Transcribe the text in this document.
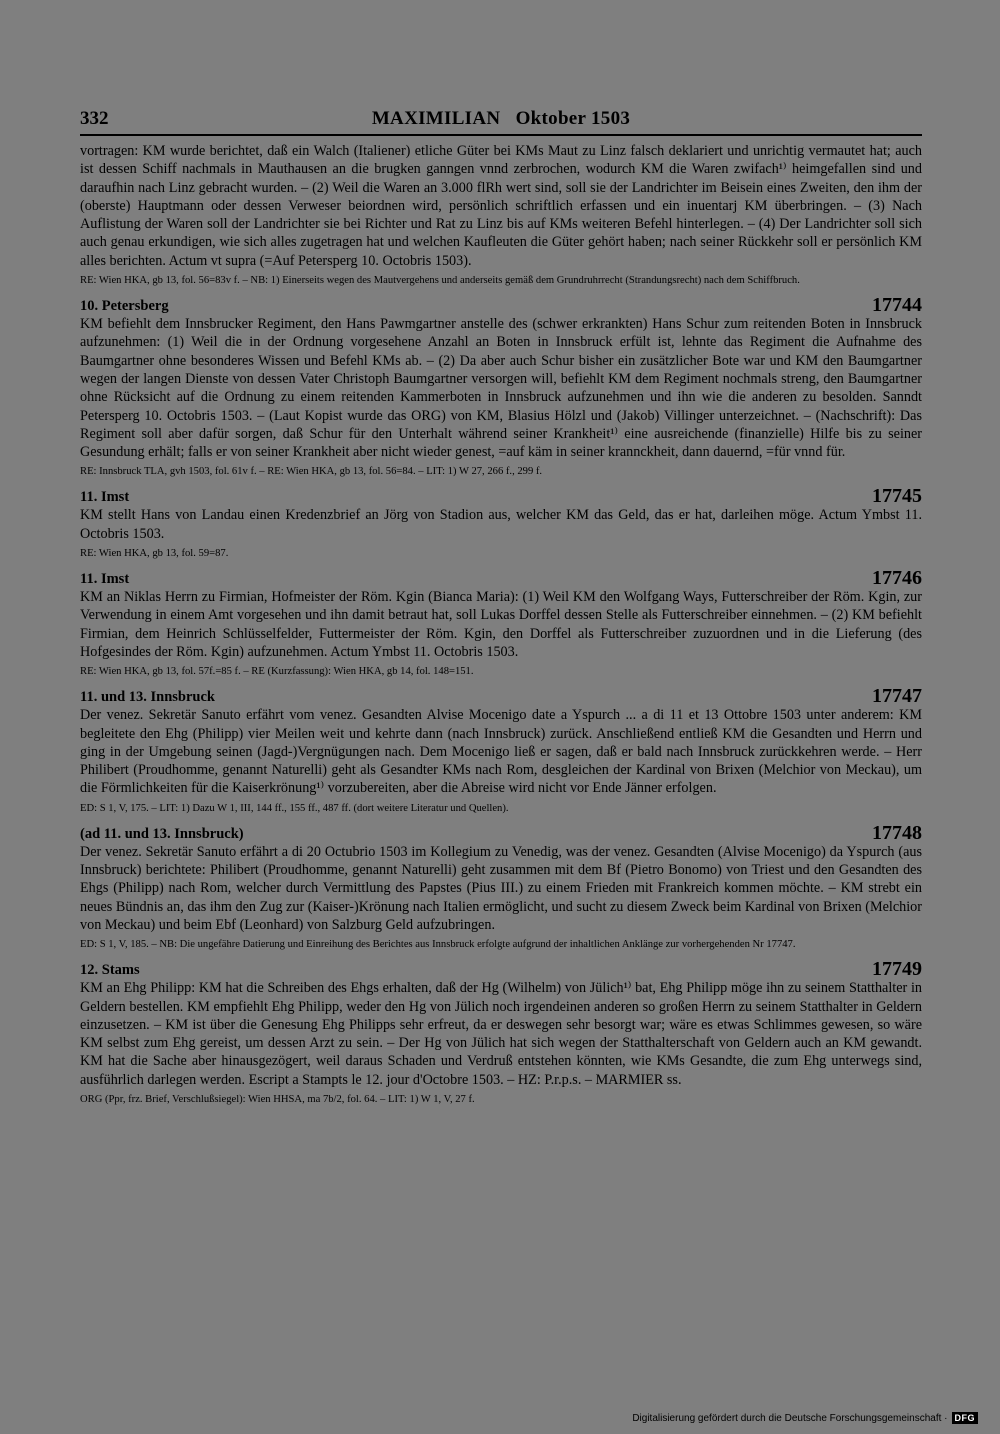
332	MAXIMILIAN   Oktober 1503

vortragen: KM wurde berichtet, daß ein Walch (Italiener) etliche Güter bei KMs Maut zu Linz falsch deklariert und unrichtig vermautet hat; auch ist dessen Schiff nachmals in Mauthausen an die brugken ganngen vnnd zerbrochen, wodurch KM die Waren zwifach¹⁾ heimgefallen sind und daraufhin nach Linz gebracht wurden. – (2) Weil die Waren an 3.000 flRh wert sind, soll sie der Landrichter im Beisein eines Zweiten, den ihm der (oberste) Hauptmann oder dessen Verweser beiordnen wird, persönlich schriftlich erfassen und ein inuentarj KM überbringen. – (3) Nach Auflistung der Waren soll der Landrichter sie bei Richter und Rat zu Linz bis auf KMs weiteren Befehl hinterlegen. – (4) Der Landrichter soll sich auch genau erkundigen, wie sich alles zugetragen hat und welchen Kaufleuten die Güter gehört haben; nach seiner Rückkehr soll er persönlich KM alles berichten. Actum vt supra (=Auf Petersperg 10. Octobris 1503).

RE: Wien HKA, gb 13, fol. 56=83v f. – NB: 1) Einerseits wegen des Mautvergehens und anderseits gemäß dem Grundruhrrecht (Strandungsrecht) nach dem Schiffbruch.

10. Petersberg	17744

KM befiehlt dem Innsbrucker Regiment, den Hans Pawmgartner anstelle des (schwer erkrankten) Hans Schur zum reitenden Boten in Innsbruck aufzunehmen: (1) Weil die in der Ordnung vorgesehene Anzahl an Boten in Innsbruck erfült ist, lehnte das Regiment die Aufnahme des Baumgartner ohne besonderes Wissen und Befehl KMs ab. – (2) Da aber auch Schur bisher ein zusätzlicher Bote war und KM den Baumgartner wegen der langen Dienste von dessen Vater Christoph Baumgartner versorgen will, befiehlt KM dem Regiment nochmals streng, den Baumgartner ohne Rücksicht auf die Ordnung zu einem reitenden Kammerboten in Innsbruck aufzunehmen und ihn wie die anderen zu besolden. Sanndt Petersperg 10. Octobris 1503. – (Laut Kopist wurde das ORG) von KM, Blasius Hölzl und (Jakob) Villinger unterzeichnet. – (Nachschrift): Das Regiment soll aber dafür sorgen, daß Schur für den Unterhalt während seiner Krankheit¹⁾ eine ausreichende (finanzielle) Hilfe bis zu seiner Gesundung erhält; falls er von seiner Krankheit aber nicht wieder genest, =auf käm in seiner krannckheit, dann dauernd, =für vnnd für.

RE: Innsbruck TLA, gvh 1503, fol. 61v f. – RE: Wien HKA, gb 13, fol. 56=84. – LIT: 1) W 27, 266 f., 299 f.

11. Imst	17745

KM stellt Hans von Landau einen Kredenzbrief an Jörg von Stadion aus, welcher KM das Geld, das er hat, darleihen möge. Actum Ymbst 11. Octobris 1503.

RE: Wien HKA, gb 13, fol. 59=87.

11. Imst	17746

KM an Niklas Herrn zu Firmian, Hofmeister der Röm. Kgin (Bianca Maria): (1) Weil KM den Wolfgang Ways, Futterschreiber der Röm. Kgin, zur Verwendung in einem Amt vorgesehen und ihn damit betraut hat, soll Lukas Dorffel dessen Stelle als Futterschreiber einnehmen. – (2) KM befiehlt Firmian, dem Heinrich Schlüsselfelder, Futtermeister der Röm. Kgin, den Dorffel als Futterschreiber zuzuordnen und in die Lieferung (des Hofgesindes der Röm. Kgin) aufzunehmen. Actum Ymbst 11. Octobris 1503.

RE: Wien HKA, gb 13, fol. 57f.=85 f. – RE (Kurzfassung): Wien HKA, gb 14, fol. 148=151.

11. und 13. Innsbruck	17747

Der venez. Sekretär Sanuto erfährt vom venez. Gesandten Alvise Mocenigo date a Yspurch ... a di 11 et 13 Ottobre 1503 unter anderem: KM begleitete den Ehg (Philipp) vier Meilen weit und kehrte dann (nach Innsbruck) zurück. Anschließend entließ KM die Gesandten und Herrn und ging in der Umgebung seinen (Jagd-)Vergnügungen nach. Dem Mocenigo ließ er sagen, daß er bald nach Innsbruck zurückkehren werde. – Herr Philibert (Proudhomme, genannt Naturelli) geht als Gesandter KMs nach Rom, desgleichen der Kardinal von Brixen (Melchior von Meckau), um die Förmlichkeiten für die Kaiserkrönung¹⁾ vorzubereiten, aber die Abreise wird nicht vor Ende Jänner erfolgen.

ED: S 1, V, 175. – LIT: 1) Dazu W 1, III, 144 ff., 155 ff., 487 ff. (dort weitere Literatur und Quellen).

(ad 11. und 13. Innsbruck)	17748

Der venez. Sekretär Sanuto erfährt a di 20 Octubrio 1503 im Kollegium zu Venedig, was der venez. Gesandten (Alvise Mocenigo) da Yspurch (aus Innsbruck) berichtete: Philibert (Proudhomme, genannt Naturelli) geht zusammen mit dem Bf (Pietro Bonomo) von Triest und den Gesandten des Ehgs (Philipp) nach Rom, welcher durch Vermittlung des Papstes (Pius III.) zu einem Frieden mit Frankreich kommen möchte. – KM strebt ein neues Bündnis an, das ihm den Zug zur (Kaiser-)Krönung nach Italien ermöglicht, und sucht zu diesem Zweck beim Kardinal von Brixen (Melchior von Meckau) und beim Ebf (Leonhard) von Salzburg Geld aufzubringen.

ED: S 1, V, 185. – NB: Die ungefähre Datierung und Einreihung des Berichtes aus Innsbruck erfolgte aufgrund der inhaltlichen Anklänge zur vorhergehenden Nr 17747.

12. Stams	17749

KM an Ehg Philipp: KM hat die Schreiben des Ehgs erhalten, daß der Hg (Wilhelm) von Jülich¹⁾ bat, Ehg Philipp möge ihn zu seinem Statthalter in Geldern bestellen. KM empfiehlt Ehg Philipp, weder den Hg von Jülich noch irgendeinen anderen so großen Herrn zu seinem Statthalter in Geldern einzusetzen. – KM ist über die Genesung Ehg Philipps sehr erfreut, da er deswegen sehr besorgt war; wäre es etwas Schlimmes gewesen, so wäre KM selbst zum Ehg gereist, um dessen Arzt zu sein. – Der Hg von Jülich hat sich wegen der Statthalterschaft von Geldern auch an KM gewandt. KM hat die Sache aber hinausgezögert, weil daraus Schaden und Verdruß entstehen könnten, wie KMs Gesandte, die zum Ehg unterwegs sind, ausführlich darlegen werden. Escript a Stampts le 12. jour d'Octobre 1503. – HZ: P.r.p.s. – MARMIER ss.

ORG (Ppr, frz. Brief, Verschlußsiegel): Wien HHSA, ma 7b/2, fol. 64. – LIT: 1) W 1, V, 27 f.

Digitalisierung gefördert durch die Deutsche Forschungsgemeinschaft · DFG
